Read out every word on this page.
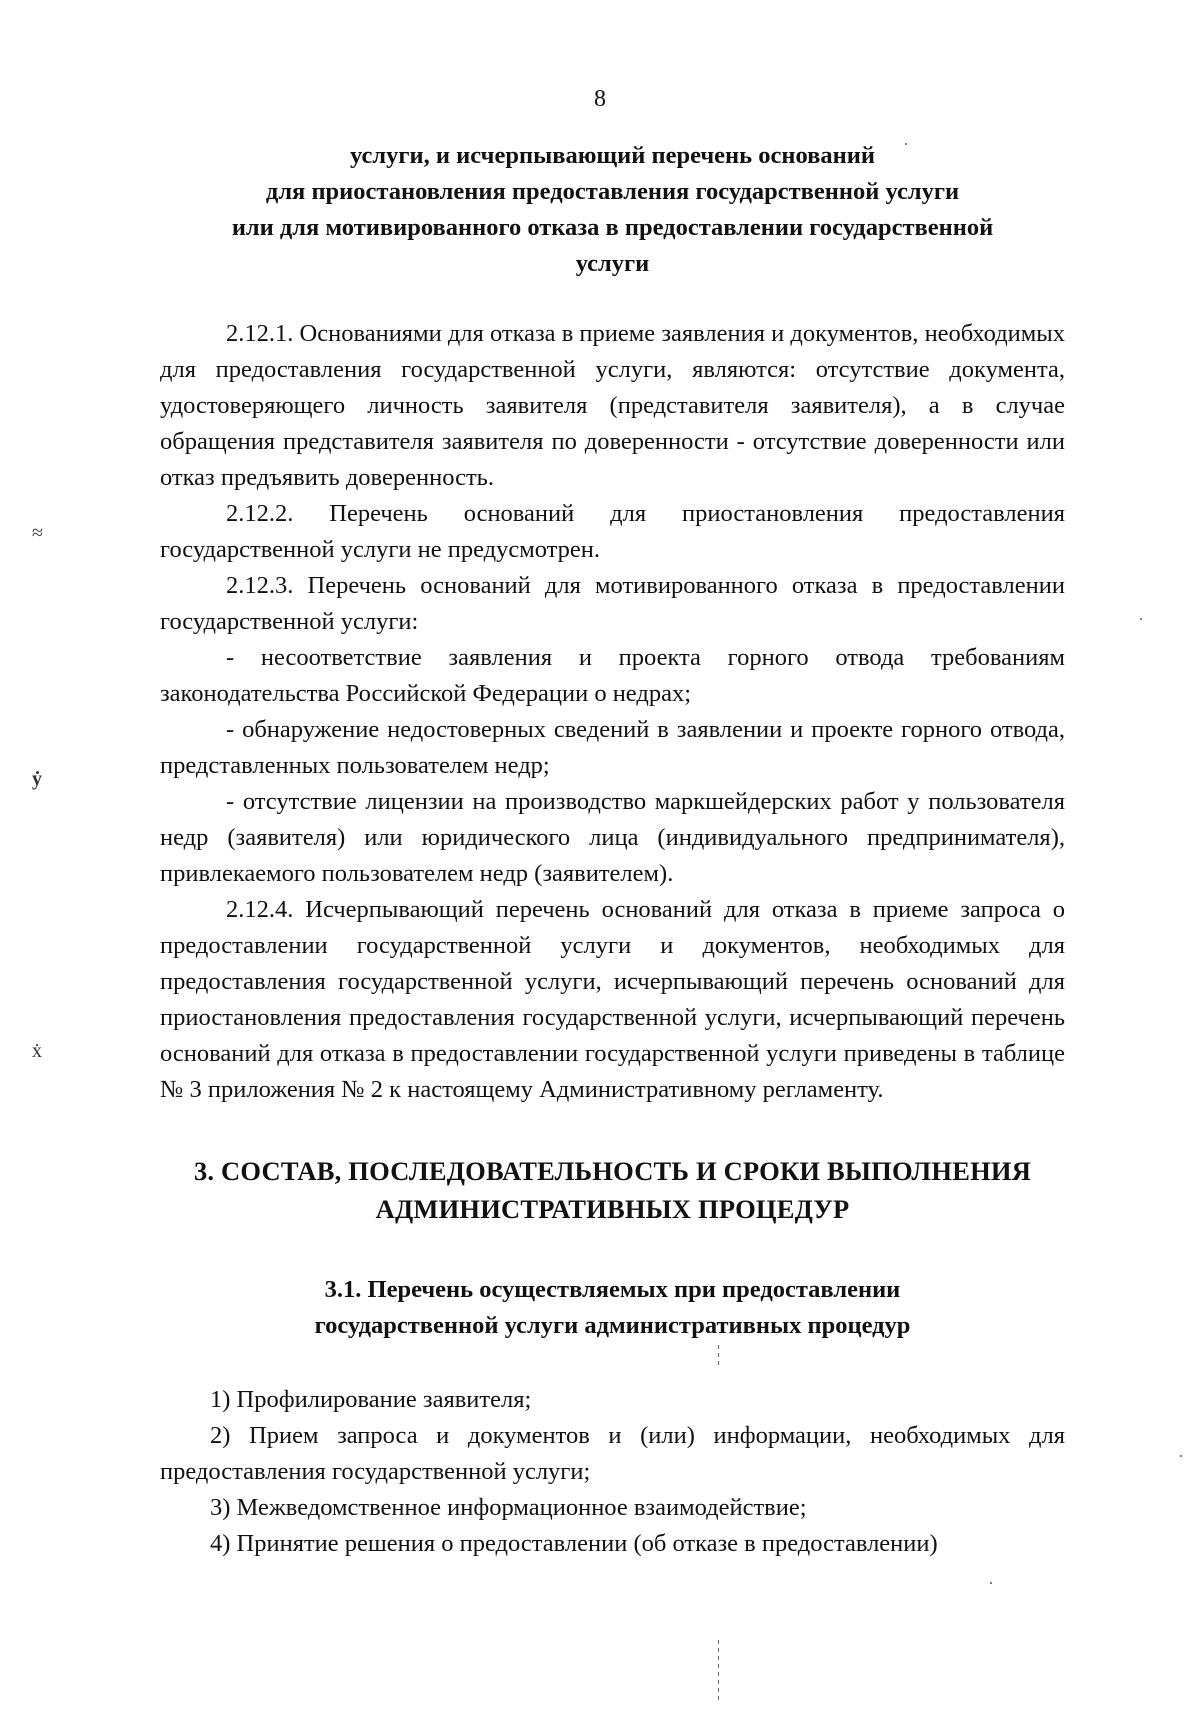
8
≈
ẏ
ẋ

услуги, и исчерпывающий перечень оснований

для приостановления предоставления государственной услуги

или для мотивированного отказа в предоставлении государственной

услуги

2.12.1. Основаниями для отказа в приеме заявления и документов, необходимых для предоставления государственной услуги, являются: отсутствие документа, удостоверяющего личность заявителя (представителя заявителя), а в случае обращения представителя заявителя по доверенности - отсутствие доверенности или отказ предъявить доверенность.

2.12.2. Перечень оснований для приостановления предоставления государственной услуги не предусмотрен.

2.12.3. Перечень оснований для мотивированного отказа в предоставлении государственной услуги:

- несоответствие заявления и проекта горного отвода требованиям законодательства Российской Федерации о недрах;

- обнаружение недостоверных сведений в заявлении и проекте горного отвода, представленных пользователем недр;

- отсутствие лицензии на производство маркшейдерских работ у пользователя недр (заявителя) или юридического лица (индивидуального предпринимателя), привлекаемого пользователем недр (заявителем).

2.12.4. Исчерпывающий перечень оснований для отказа в приеме запроса о предоставлении государственной услуги и документов, необходимых для предоставления государственной услуги, исчерпывающий перечень оснований для приостановления предоставления государственной услуги, исчерпывающий перечень оснований для отказа в предоставлении государственной услуги приведены в таблице № 3 приложения № 2 к настоящему Административному регламенту.

3. СОСТАВ, ПОСЛЕДОВАТЕЛЬНОСТЬ И СРОКИ ВЫПОЛНЕНИЯ
АДМИНИСТРАТИВНЫХ ПРОЦЕДУР
3.1. Перечень осуществляемых при предоставлении
государственной услуги административных процедур

1) Профилирование заявителя;

2) Прием запроса и документов и (или) информации, необходимых для предоставления государственной услуги;

3) Межведомственное информационное взаимодействие;

4) Принятие решения о предоставлении (об отказе в предоставлении)
